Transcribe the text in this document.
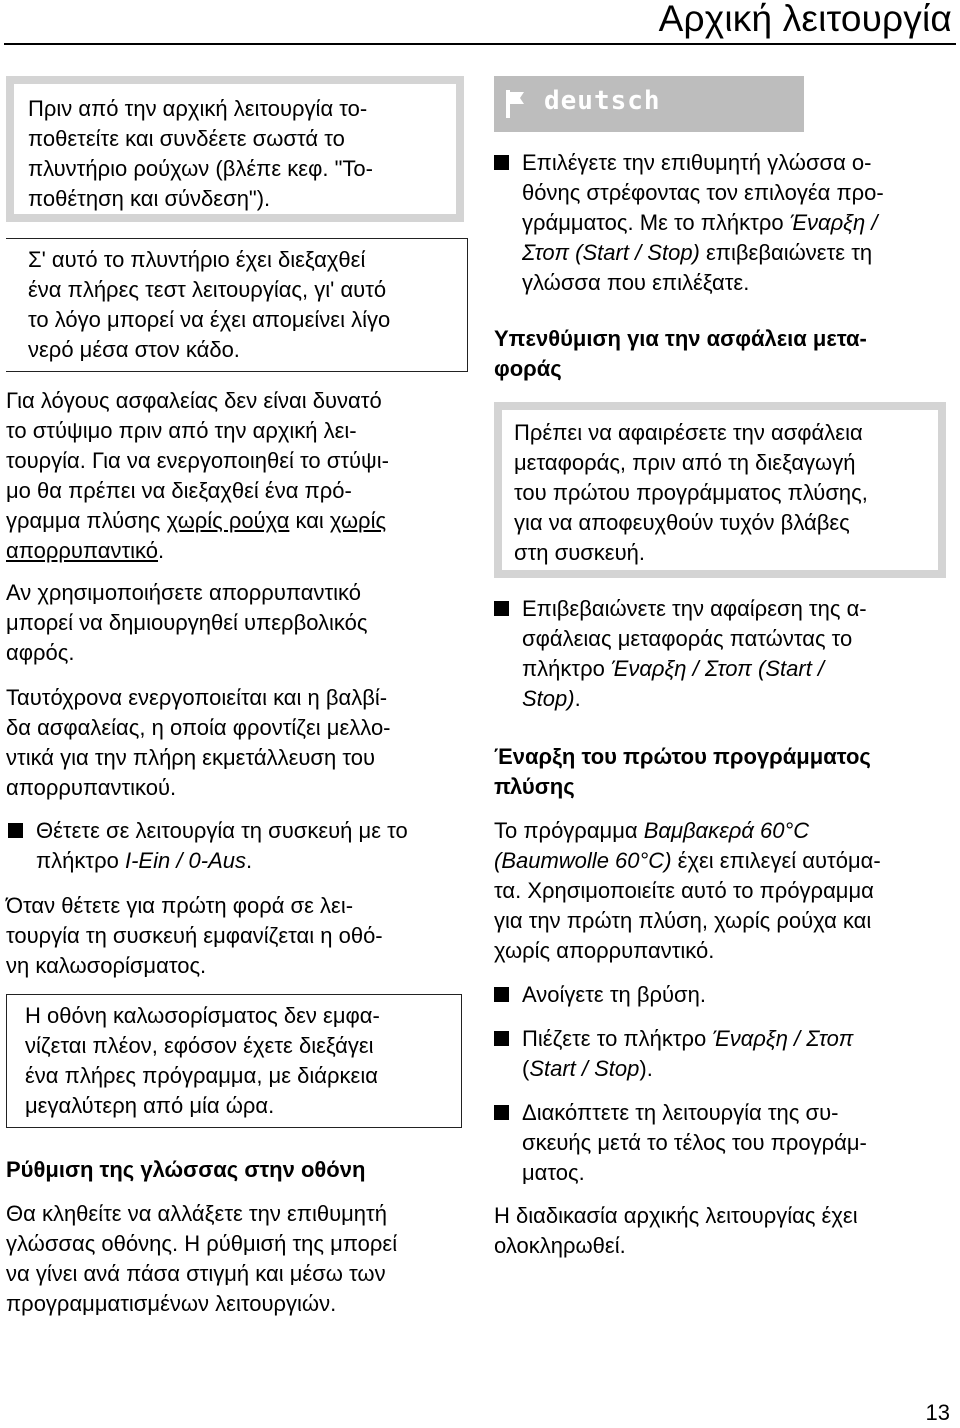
Αρχική λειτουργία
Πριν από την αρχική λειτουργία το-
ποθετείτε και συνδέετε σωστά το
πλυντήριο ρούχων (βλέπε κεφ. "Το-
ποθέτηση και σύνδεση").
Σ' αυτό το πλυντήριο έχει διεξαχθεί
ένα πλήρες τεστ λειτουργίας, γι' αυτό
το λόγο μπορεί να έχει απομείνει λίγο
νερό μέσα στον κάδο.
Για λόγους ασφαλείας δεν είναι δυνατό
το στύψιμο πριν από την αρχική λει-
τουργία. Για να ενεργοποιηθεί το στύψι-
μο θα πρέπει να διεξαχθεί ένα πρό-
γραμμα πλύσης χωρίς ρούχα και χωρίς
απορρυπαντικό.
Αν χρησιμοποιήσετε απορρυπαντικό
μπορεί να δημιουργηθεί υπερβολικός
αφρός.
Ταυτόχρονα ενεργοποιείται και η βαλβί-
δα ασφαλείας, η οποία φροντίζει μελλο-
ντικά για την πλήρη εκμετάλλευση του
απορρυπαντικού.
Θέτετε σε λειτουργία τη συσκευή με το
πλήκτρο I-Ein / 0-Aus.
Όταν θέτετε για πρώτη φορά σε λει-
τουργία τη συσκευή εμφανίζεται η οθό-
νη καλωσορίσματος.
Η οθόνη καλωσορίσματος δεν εμφα-
νίζεται πλέον, εφόσον έχετε διεξάγει
ένα πλήρες πρόγραμμα, με διάρκεια
μεγαλύτερη από μία ώρα.
Ρύθμιση της γλώσσας στην οθόνη
Θα κληθείτε να αλλάξετε την επιθυμητή
γλώσσας οθόνης. Η ρύθμισή της μπορεί
να γίνει ανά πάσα στιγμή και μέσω των
προγραμματισμένων λειτουργιών.
deutsch
Επιλέγετε την επιθυμητή γλώσσα ο-
θόνης στρέφοντας τον επιλογέα προ-
γράμματος. Με το πλήκτρο Έναρξη /
Στοπ (Start / Stop) επιβεβαιώνετε τη
γλώσσα που επιλέξατε.
Υπενθύμιση για την ασφάλεια μετα-
φοράς
Πρέπει να αφαιρέσετε την ασφάλεια
μεταφοράς, πριν από τη διεξαγωγή
του πρώτου προγράμματος πλύσης,
για να αποφευχθούν τυχόν βλάβες
στη συσκευή.
Επιβεβαιώνετε την αφαίρεση της α-
σφάλειας μεταφοράς πατώντας το
πλήκτρο Έναρξη / Στοπ (Start /
Stop).
Έναρξη του πρώτου προγράμματος
πλύσης
Το πρόγραμμα Βαμβακερά 60°C
(Baumwolle 60°C) έχει επιλεγεί αυτόμα-
τα. Χρησιμοποιείτε αυτό το πρόγραμμα
για την πρώτη πλύση, χωρίς ρούχα και
χωρίς απορρυπαντικό.
Ανοίγετε τη βρύση.
Πιέζετε το πλήκτρο Έναρξη / Στοπ
(Start / Stop).
Διακόπτετε τη λειτουργία της συ-
σκευής μετά το τέλος του προγράμ-
ματος.
Η διαδικασία αρχικής λειτουργίας έχει
ολοκληρωθεί.
13
